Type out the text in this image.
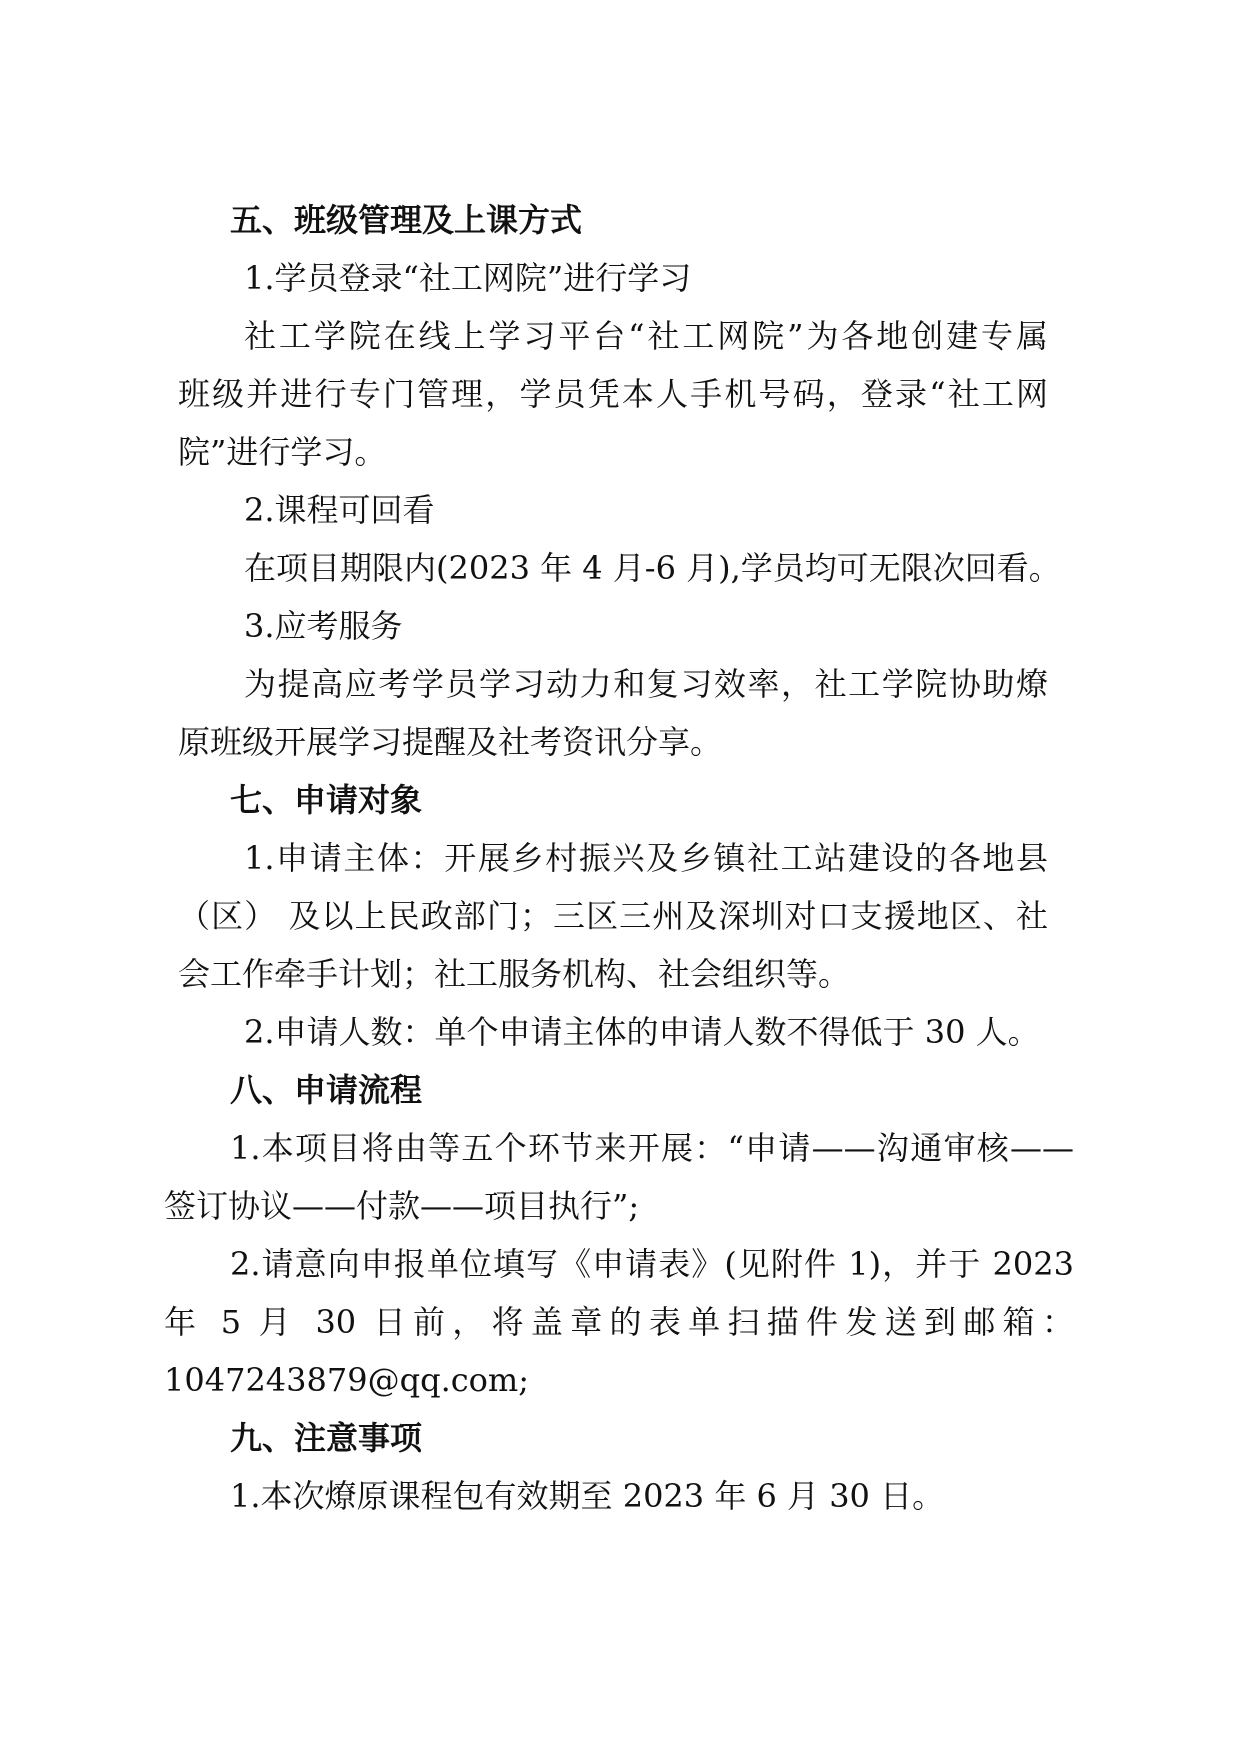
五、班级管理及上课方式
1.学员登录“社工网院”进行学习
社工学院在线上学习平台“社工网院”为各地创建专属
班级并进行专门管理，学员凭本人手机号码，登录“社工网
院”进行学习。
2.课程可回看
在项目期限内(2023 年 4 月-6 月),学员均可无限次回看。
3.应考服务
为提高应考学员学习动力和复习效率，社工学院协助燎
原班级开展学习提醒及社考资讯分享。
七、申请对象
1.申请主体：开展乡村振兴及乡镇社工站建设的各地县
（区） 及以上民政部门；三区三州及深圳对口支援地区、社
会工作牵手计划；社工服务机构、社会组织等。
2.申请人数：单个申请主体的申请人数不得低于 30 人。
八、申请流程
1.本项目将由等五个环节来开展：“申请——沟通审核——
签订协议——付款——项目执行”;
2.请意向申报单位填写《申请表》(见附件 1)，并于 2023
年 5 月 30 日前，将盖章的表单扫描件发送到邮箱：
1047243879@qq.com;
九、注意事项
1.本次燎原课程包有效期至 2023 年 6 月 30 日。
